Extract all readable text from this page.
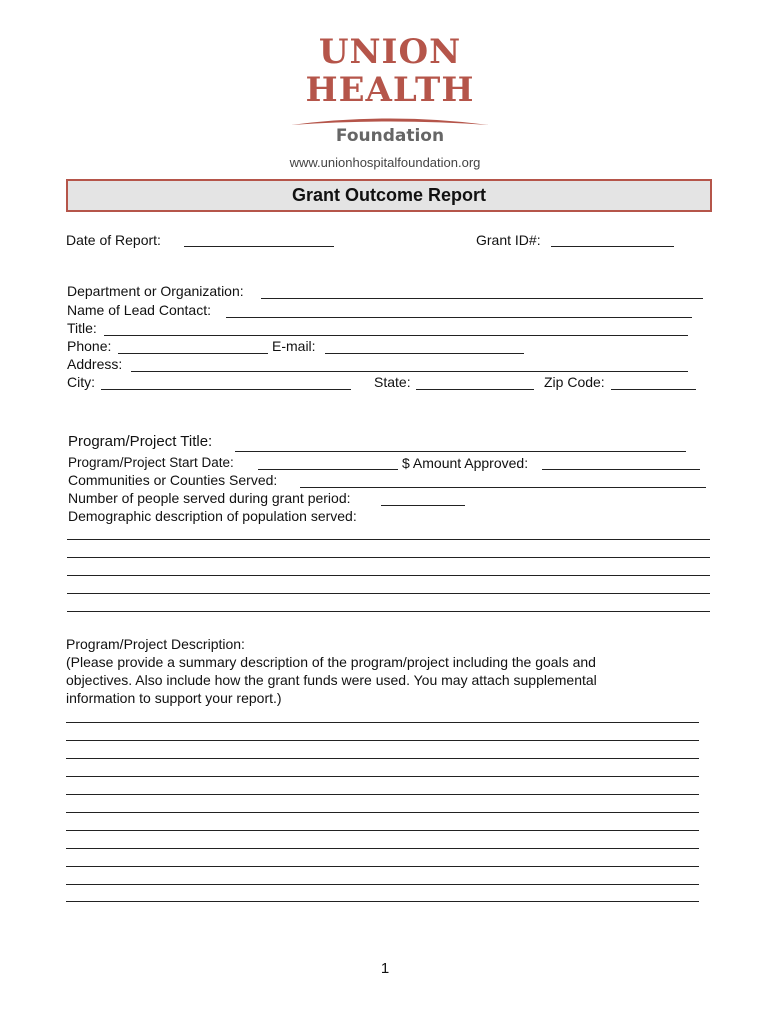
UNION
HEALTH
Foundation
www.unionhospitalfoundation.org
Grant Outcome Report
Date of Report:	Grant ID#:
Department or Organization:
Name of Lead Contact:
Title:
Phone:	E-mail:
Address:
City:	State:	Zip Code:
Program/Project Title:
Program/Project Start Date:	$ Amount Approved:
Communities or Counties Served:
Number of people served during grant period:
Demographic description of population served:
Program/Project Description:
(Please provide a summary description of the program/project including the goals and
objectives. Also include how the grant funds were used. You may attach supplemental
information to support your report.)
1
